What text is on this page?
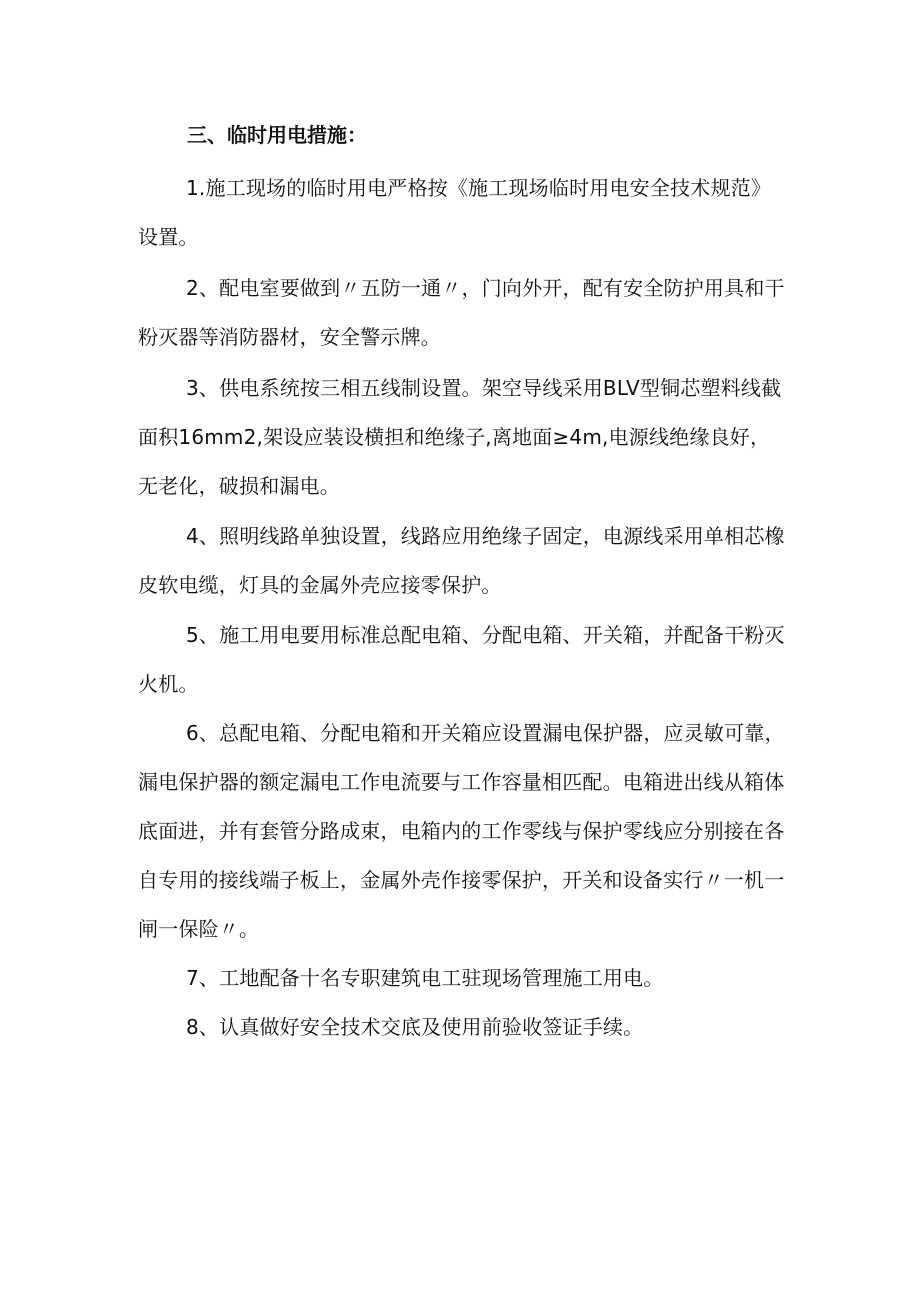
三、临时用电措施：

1.施工现场的临时用电严格按《施工现场临时用电安全技术规范》设置。

2、配电室要做到〃五防一通〃，门向外开，配有安全防护用具和干粉灭器等消防器材，安全警示牌。

3、供电系统按三相五线制设置。架空导线采用BLV型铜芯塑料线截面积16mm2,架设应装设横担和绝缘子,离地面≥4m,电源线绝缘良好，无老化，破损和漏电。

4、照明线路单独设置，线路应用绝缘子固定，电源线采用单相芯橡皮软电缆，灯具的金属外壳应接零保护。

5、施工用电要用标准总配电箱、分配电箱、开关箱，并配备干粉灭火机。

6、总配电箱、分配电箱和开关箱应设置漏电保护器，应灵敏可靠，漏电保护器的额定漏电工作电流要与工作容量相匹配。电箱进出线从箱体底面进，并有套管分路成束，电箱内的工作零线与保护零线应分别接在各自专用的接线端子板上，金属外壳作接零保护，开关和设备实行〃一机一闸一保险〃。

7、工地配备十名专职建筑电工驻现场管理施工用电。

8、认真做好安全技术交底及使用前验收签证手续。
